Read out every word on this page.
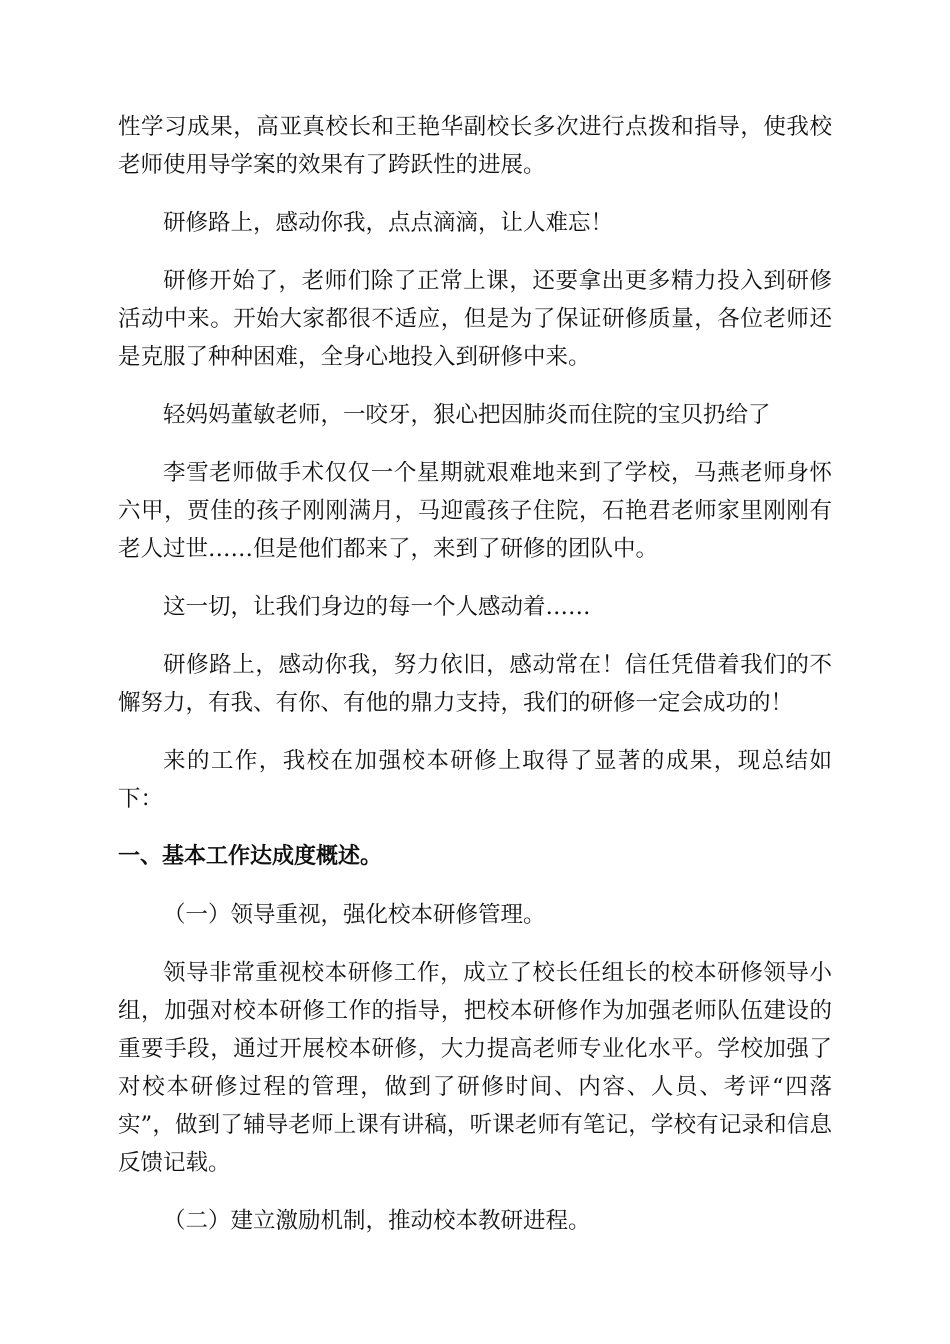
性学习成果，高亚真校长和王艳华副校长多次进行点拨和指导，使我校老师使用导学案的效果有了跨跃性的进展。

研修路上，感动你我，点点滴滴，让人难忘！

研修开始了，老师们除了正常上课，还要拿出更多精力投入到研修活动中来。开始大家都很不适应，但是为了保证研修质量，各位老师还是克服了种种困难，全身心地投入到研修中来。

轻妈妈董敏老师，一咬牙，狠心把因肺炎而住院的宝贝扔给了

李雪老师做手术仅仅一个星期就艰难地来到了学校，马燕老师身怀六甲，贾佳的孩子刚刚满月，马迎霞孩子住院，石艳君老师家里刚刚有老人过世……但是他们都来了，来到了研修的团队中。

这一切，让我们身边的每一个人感动着……

研修路上，感动你我，努力依旧，感动常在！信任凭借着我们的不懈努力，有我、有你、有他的鼎力支持，我们的研修一定会成功的！

来的工作，我校在加强校本研修上取得了显著的成果，现总结如下：

一、基本工作达成度概述。

（一）领导重视，强化校本研修管理。

领导非常重视校本研修工作，成立了校长任组长的校本研修领导小组，加强对校本研修工作的指导，把校本研修作为加强老师队伍建设的重要手段，通过开展校本研修，大力提高老师专业化水平。学校加强了对校本研修过程的管理，做到了研修时间、内容、人员、考评“四落实”，做到了辅导老师上课有讲稿，听课老师有笔记，学校有记录和信息反馈记载。

（二）建立激励机制，推动校本教研进程。
